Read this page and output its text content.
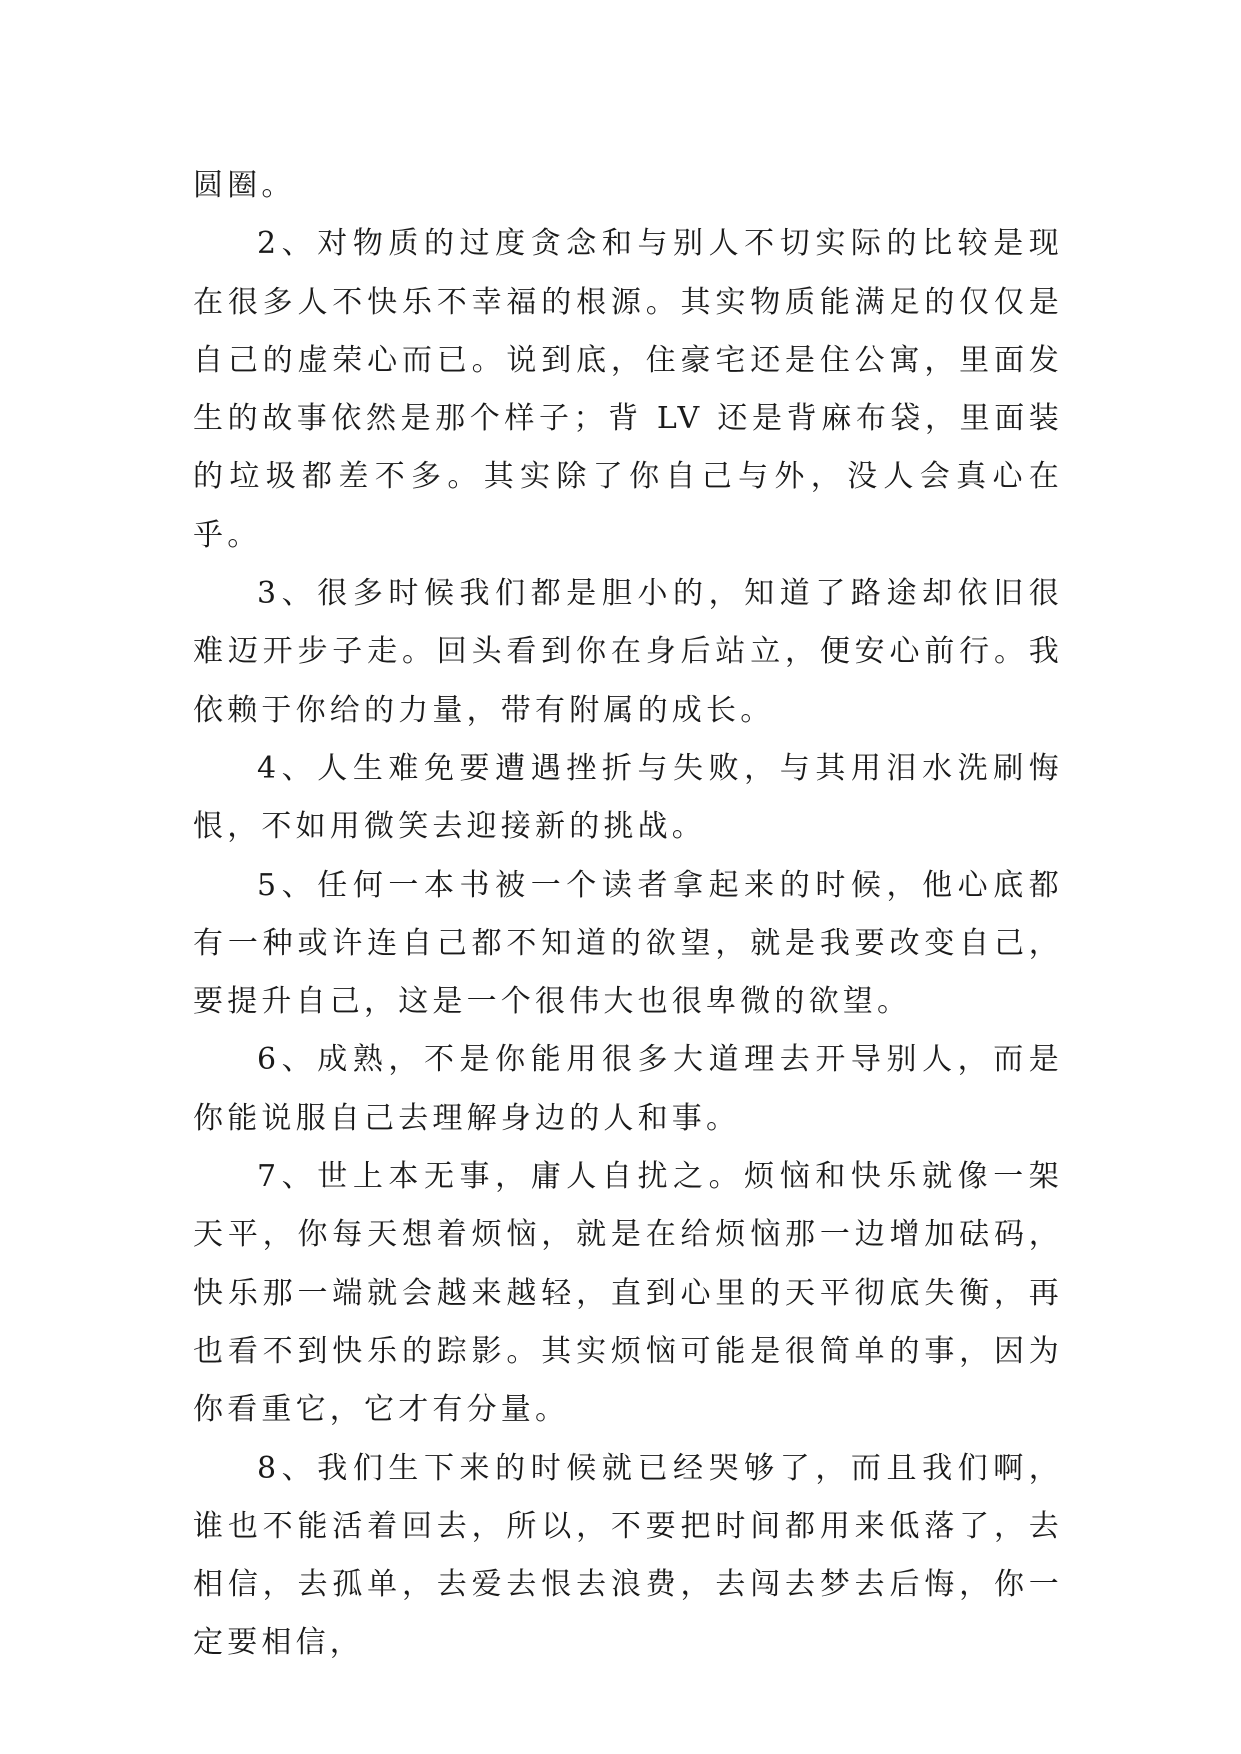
圆圈。

2、对物质的过度贪念和与别人不切实际的比较是现在很多人不快乐不幸福的根源。其实物质能满足的仅仅是自己的虚荣心而已。说到底，住豪宅还是住公寓，里面发生的故事依然是那个样子；背 LV 还是背麻布袋，里面装的垃圾都差不多。其实除了你自己与外，没人会真心在乎。

3、很多时候我们都是胆小的，知道了路途却依旧很难迈开步子走。回头看到你在身后站立，便安心前行。我依赖于你给的力量，带有附属的成长。

4、人生难免要遭遇挫折与失败，与其用泪水洗刷悔恨，不如用微笑去迎接新的挑战。

5、任何一本书被一个读者拿起来的时候，他心底都有一种或许连自己都不知道的欲望，就是我要改变自己，要提升自己，这是一个很伟大也很卑微的欲望。

6、成熟，不是你能用很多大道理去开导别人，而是你能说服自己去理解身边的人和事。

7、世上本无事，庸人自扰之。烦恼和快乐就像一架天平，你每天想着烦恼，就是在给烦恼那一边增加砝码，快乐那一端就会越来越轻，直到心里的天平彻底失衡，再也看不到快乐的踪影。其实烦恼可能是很简单的事，因为你看重它，它才有分量。

8、我们生下来的时候就已经哭够了，而且我们啊，谁也不能活着回去，所以，不要把时间都用来低落了，去相信，去孤单，去爱去恨去浪费，去闯去梦去后悔，你一定要相信，
